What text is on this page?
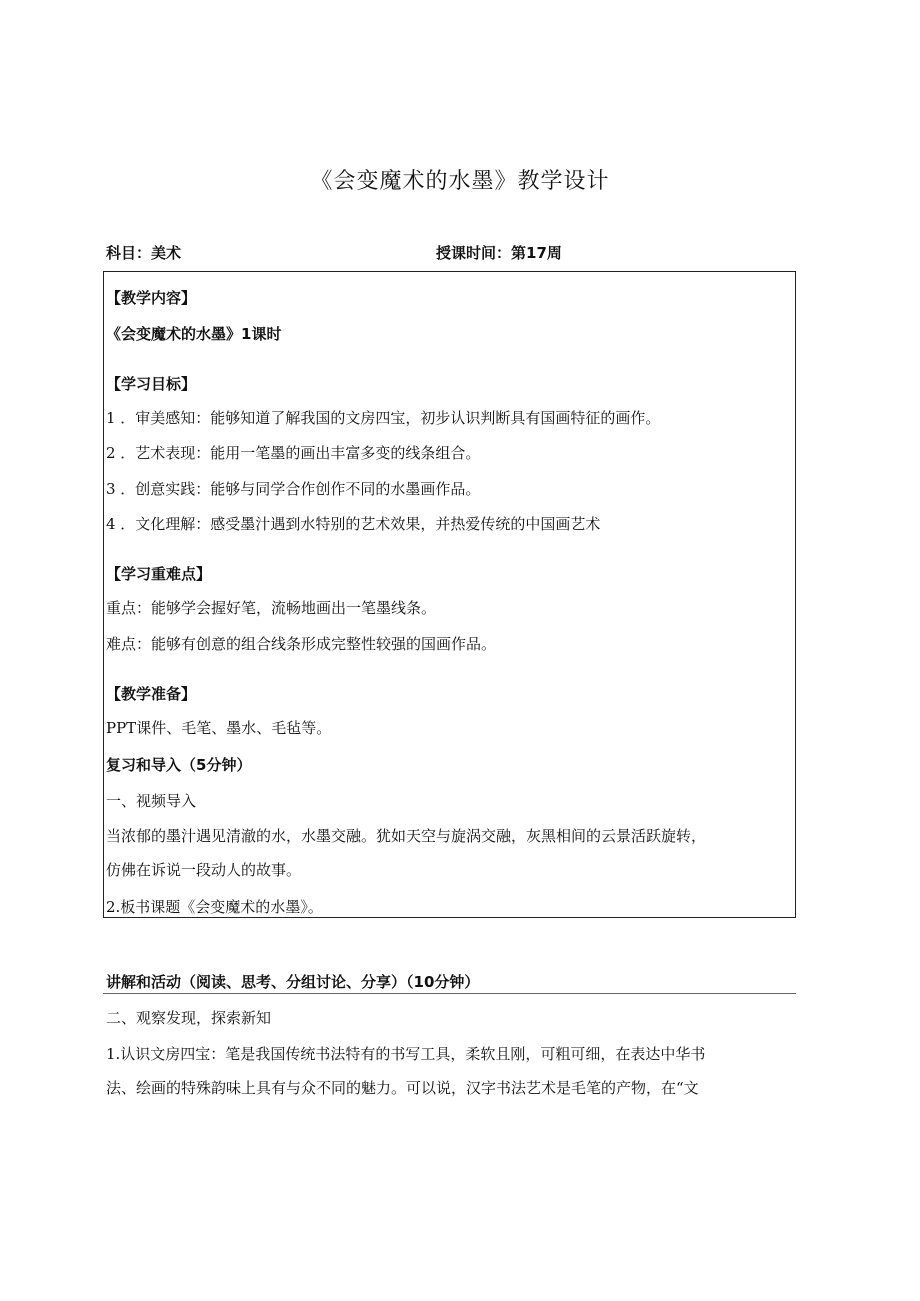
《会变魔术的水墨》教学设计
科目：美术	授课时间：第17周
【教学内容】
《会变魔术的水墨》1课时
【学习目标】
1 ．审美感知：能够知道了解我国的文房四宝，初步认识判断具有国画特征的画作。
2 ．艺术表现：能用一笔墨的画出丰富多变的线条组合。
3 ．创意实践：能够与同学合作创作不同的水墨画作品。
4 ．文化理解：感受墨汁遇到水特别的艺术效果，并热爱传统的中国画艺术
【学习重难点】
重点：能够学会握好笔，流畅地画出一笔墨线条。
难点：能够有创意的组合线条形成完整性较强的国画作品。
【教学准备】
PPT课件、毛笔、墨水、毛毡等。
复习和导入（5分钟）
一、视频导入
当浓郁的墨汁遇见清澈的水，水墨交融。犹如天空与旋涡交融，灰黑相间的云景活跃旋转，
仿佛在诉说一段动人的故事。
2.板书课题《会变魔术的水墨》。
讲解和活动（阅读、思考、分组讨论、分享）（10分钟）
二、观察发现，探索新知
1.认识文房四宝：笔是我国传统书法特有的书写工具，柔软且刚，可粗可细，在表达中华书
法、绘画的特殊韵味上具有与众不同的魅力。可以说，汉字书法艺术是毛笔的产物，在“文
